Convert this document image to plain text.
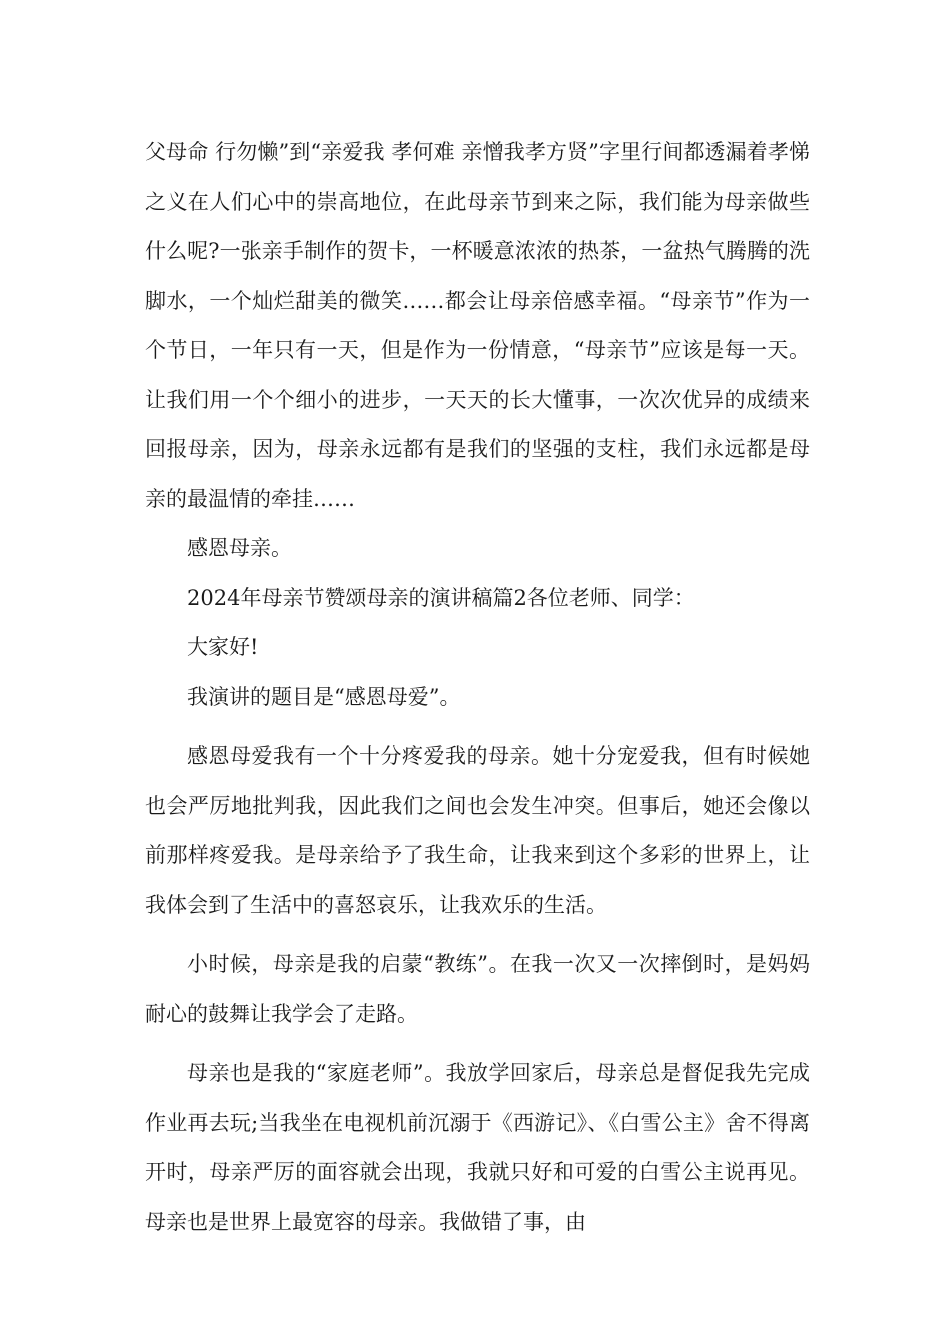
父母命 行勿懒”到“亲爱我 孝何难 亲憎我孝方贤”字里行间都透漏着孝悌之义在人们心中的崇高地位，在此母亲节到来之际，我们能为母亲做些什么呢?一张亲手制作的贺卡，一杯暖意浓浓的热茶，一盆热气腾腾的洗脚水，一个灿烂甜美的微笑……都会让母亲倍感幸福。“母亲节”作为一个节日，一年只有一天，但是作为一份情意，“母亲节”应该是每一天。让我们用一个个细小的进步，一天天的长大懂事，一次次优异的成绩来回报母亲，因为，母亲永远都有是我们的坚强的支柱，我们永远都是母亲的最温情的牵挂……

感恩母亲。

2024年母亲节赞颂母亲的演讲稿篇2各位老师、同学：

大家好!

我演讲的题目是“感恩母爱”。

感恩母爱我有一个十分疼爱我的母亲。她十分宠爱我，但有时候她也会严厉地批判我，因此我们之间也会发生冲突。但事后，她还会像以前那样疼爱我。是母亲给予了我生命，让我来到这个多彩的世界上，让我体会到了生活中的喜怒哀乐，让我欢乐的生活。

小时候，母亲是我的启蒙“教练”。在我一次又一次摔倒时，是妈妈耐心的鼓舞让我学会了走路。

母亲也是我的“家庭老师”。我放学回家后，母亲总是督促我先完成作业再去玩;当我坐在电视机前沉溺于《西游记》、《白雪公主》舍不得离开时，母亲严厉的面容就会出现，我就只好和可爱的白雪公主说再见。母亲也是世界上最宽容的母亲。我做错了事，由
